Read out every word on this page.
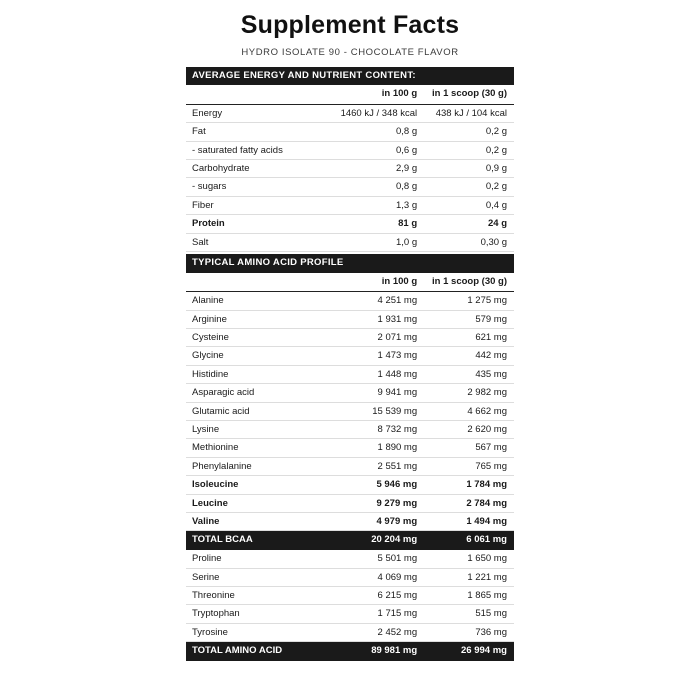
Supplement Facts
HYDRO ISOLATE 90 - CHOCOLATE FLAVOR
AVERAGE ENERGY AND NUTRIENT CONTENT:
	in 100 g	in 1 scoop (30 g)
Energy	1460 kJ / 348 kcal	438 kJ / 104 kcal
Fat	0,8 g	0,2 g
- saturated fatty acids	0,6 g	0,2 g
Carbohydrate	2,9 g	0,9 g
- sugars	0,8 g	0,2 g
Fiber	1,3 g	0,4 g
Protein	81 g	24 g
Salt	1,0 g	0,30 g
TYPICAL AMINO ACID PROFILE
	in 100 g	in 1 scoop (30 g)
Alanine	4 251 mg	1 275 mg
Arginine	1 931 mg	579 mg
Cysteine	2 071 mg	621 mg
Glycine	1 473 mg	442 mg
Histidine	1 448 mg	435 mg
Asparagic acid	9 941 mg	2 982 mg
Glutamic acid	15 539 mg	4 662 mg
Lysine	8 732 mg	2 620 mg
Methionine	1 890 mg	567 mg
Phenylalanine	2 551 mg	765 mg
Isoleucine	5 946 mg	1 784 mg
Leucine	9 279 mg	2 784 mg
Valine	4 979 mg	1 494 mg
TOTAL BCAA	20 204 mg	6 061 mg
Proline	5 501 mg	1 650 mg
Serine	4 069 mg	1 221 mg
Threonine	6 215 mg	1 865 mg
Tryptophan	1 715 mg	515 mg
Tyrosine	2 452 mg	736 mg
TOTAL AMINO ACID	89 981 mg	26 994 mg
